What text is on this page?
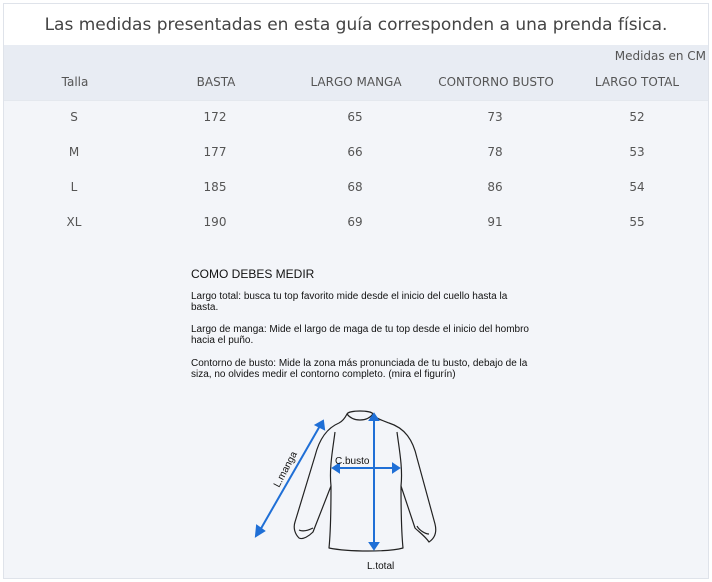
Las medidas presentadas en esta guía corresponden a una prenda física.
Medidas en CM
Talla	BASTA	LARGO MANGA	CONTORNO BUSTO	LARGO TOTAL
S	172	65	73	52
M	177	66	78	53
L	185	68	86	54
XL	190	69	91	55
COMO DEBES MEDIR

Largo total: busca tu top favorito mide desde el inicio del cuello hasta la basta.

Largo de manga: Mide el largo de maga de tu top desde el inicio del hombro hacia el puño.

Contorno de busto: Mide la zona más pronunciada de tu busto, debajo de la siza, no olvides medir el contorno completo. (mira el figurín)

C.busto
L.total
L.manga
